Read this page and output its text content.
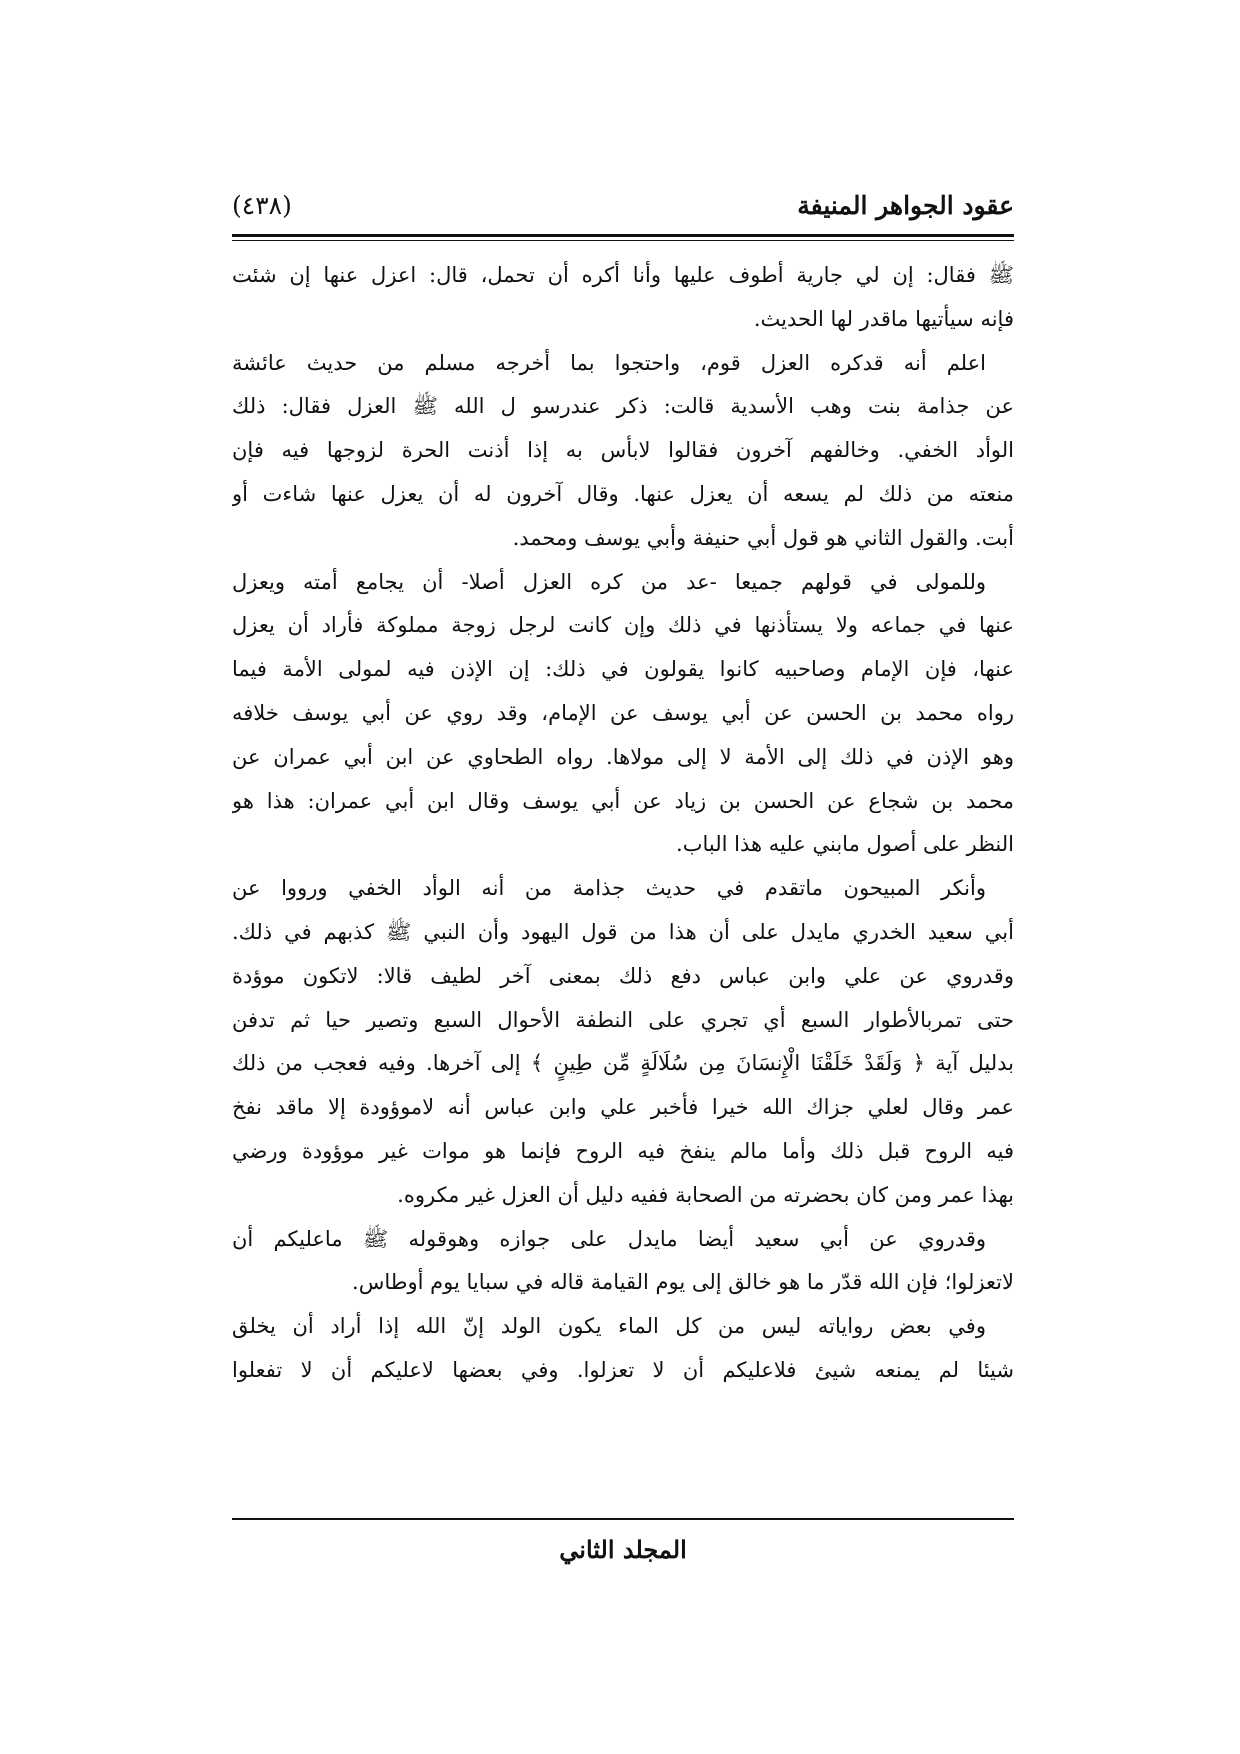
عقود الجواهر المنيفة
(٤٣٨)
ﷺ فقال: إن لي جارية أطوف عليها وأنا أكره أن تحمل، قال: اعزل عنها إن شئت
فإنه سيأتيها ماقدر لها الحديث.
اعلم أنه قدكره العزل قوم، واحتجوا بما أخرجه مسلم من حديث عائشة
عن جذامة بنت وهب الأسدية قالت: ذكر عندرسو ل الله ﷺ العزل فقال: ذلك
الوأد الخفي. وخالفهم آخرون فقالوا لابأس به إذا أذنت الحرة لزوجها فيه فإن
منعته من ذلك لم يسعه أن يعزل عنها. وقال آخرون له أن يعزل عنها شاءت أو
أبت. والقول الثاني هو قول أبي حنيفة وأبي يوسف ومحمد.
وللمولى في قولهم جميعا -عد من كره العزل أصلا- أن يجامع أمته ويعزل
عنها في جماعه ولا يستأذنها في ذلك وإن كانت لرجل زوجة مملوكة فأراد أن يعزل
عنها، فإن الإمام وصاحبيه كانوا يقولون في ذلك: إن الإذن فيه لمولى الأمة فيما
رواه محمد بن الحسن عن أبي يوسف عن الإمام، وقد روي عن أبي يوسف خلافه
وهو الإذن في ذلك إلى الأمة لا إلى مولاها. رواه الطحاوي عن ابن أبي عمران عن
محمد بن شجاع عن الحسن بن زياد عن أبي يوسف وقال ابن أبي عمران: هذا هو
النظر على أصول مابني عليه هذا الباب.
وأنكر المبيحون ماتقدم في حديث جذامة من أنه الوأد الخفي ورووا عن
أبي سعيد الخدري مايدل على أن هذا من قول اليهود وأن النبي ﷺ كذبهم في ذلك.
وقدروي عن علي وابن عباس دفع ذلك بمعنى آخر لطيف قالا: لاتكون موؤدة
حتى تمربالأطوار السبع أي تجري على النطفة الأحوال السبع وتصير حيا ثم تدفن
بدليل آية ﴿ وَلَقَدْ خَلَقْنَا الْإِنسَانَ مِن سُلَالَةٍ مِّن طِينٍ ﴾ إلى آخرها. وفيه فعجب من ذلك
عمر وقال لعلي جزاك الله خيرا فأخبر علي وابن عباس أنه لاموؤودة إلا ماقد نفخ
فيه الروح قبل ذلك وأما مالم ينفخ فيه الروح فإنما هو موات غير موؤودة ورضي
بهذا عمر ومن كان بحضرته من الصحابة ففيه دليل أن العزل غير مكروه.
وقدروي عن أبي سعيد أيضا مايدل على جوازه وهوقوله ﷺ ماعليكم أن
لاتعزلوا؛ فإن الله قدّر ما هو خالق إلى يوم القيامة قاله في سبايا يوم أوطاس.
وفي بعض رواياته ليس من كل الماء يكون الولد إنّ الله إذا أراد أن يخلق
شيئا لم يمنعه شيئ فلاعليكم أن لا تعزلوا. وفي بعضها لاعليكم أن لا تفعلوا
المجلد الثاني
